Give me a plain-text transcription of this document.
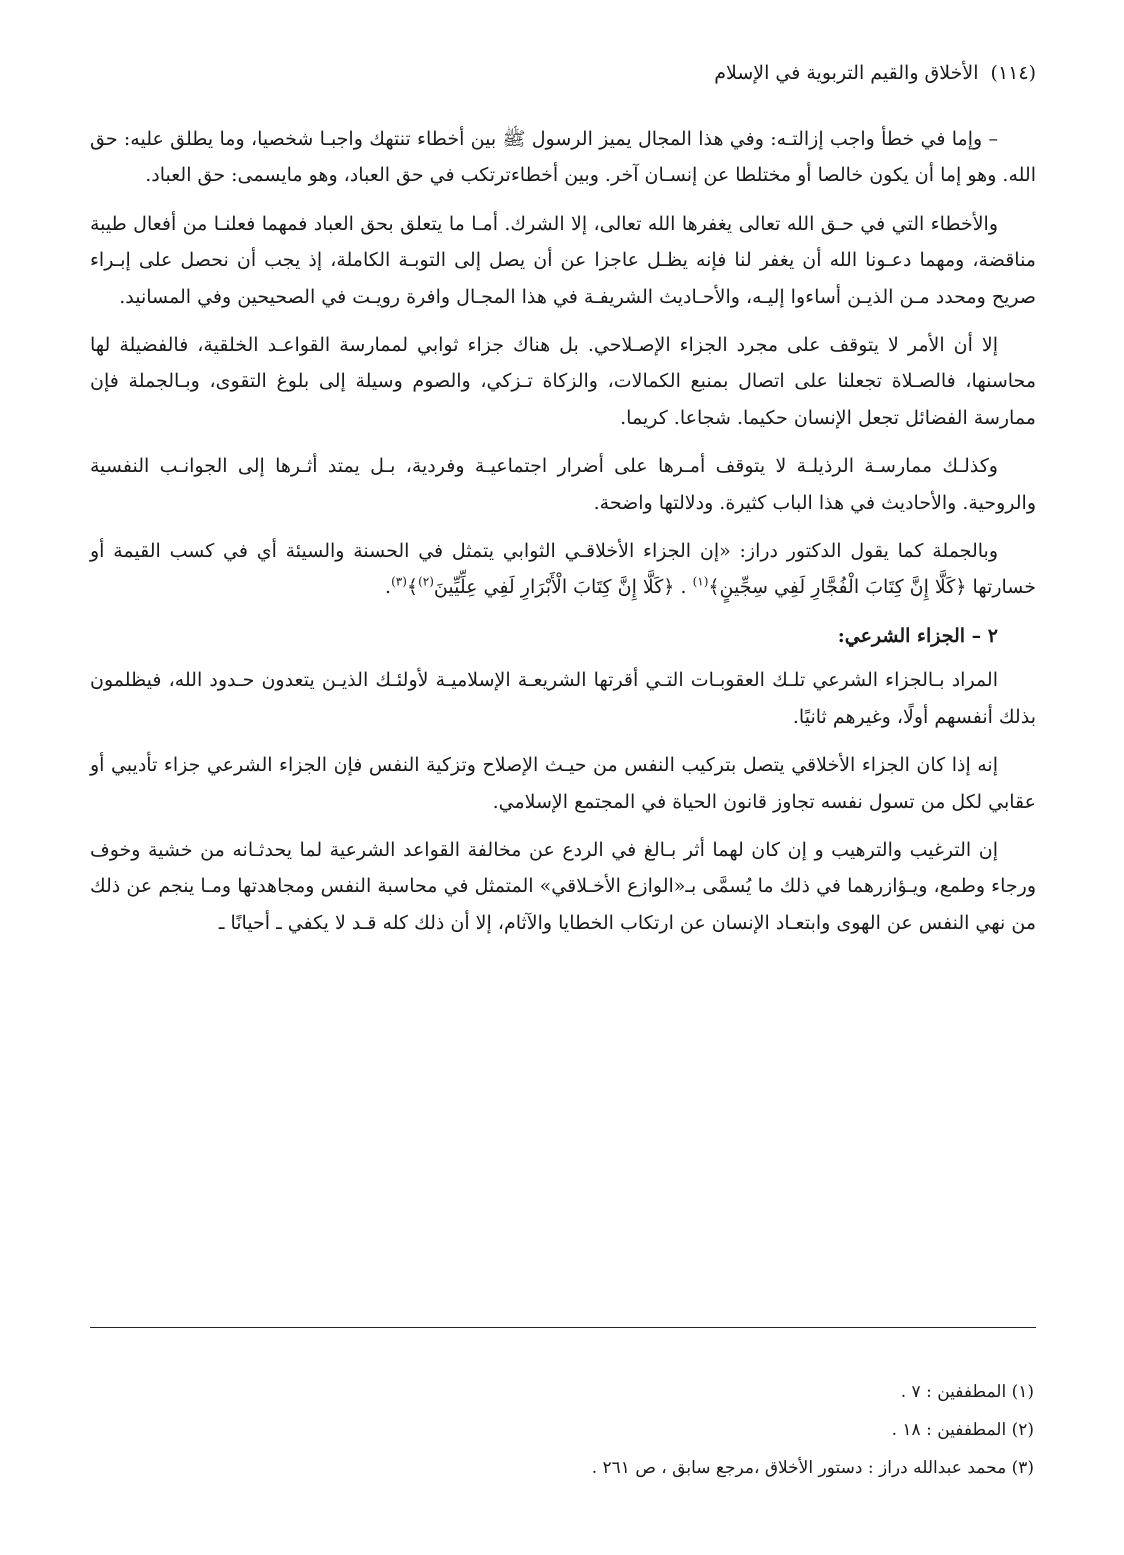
(١١٤) الأخلاق والقيم التربوية في الإسلام

– وإما في خطأ واجب إزالتـه: وفي هذا المجال يميز الرسول ﷺ بين أخطاء تنتهك واجبـا شخصيا، وما يطلق عليه: حق الله. وهو إما أن يكون خالصا أو مختلطا عن إنسـان آخر. وبين أخطاءترتكب في حق العباد، وهو مايسمى: حق العباد.

والأخطاء التي في حـق الله تعالى يغفرها الله تعالى، إلا الشرك. أمـا ما يتعلق بحق العباد فمهما فعلنـا من أفعال طيبة مناقضة، ومهما دعـونا الله أن يغفر لنا فإنه يظـل عاجزا عن أن يصل إلى التوبـة الكاملة، إذ يجب أن نحصل على إبـراء صريح ومحدد مـن الذيـن أساءوا إليـه، والأحـاديث الشريفـة في هذا المجـال وافرة رويـت في الصحيحين وفي المسانيد.

إلا أن الأمر لا يتوقف على مجرد الجزاء الإصـلاحي. بل هناك جزاء ثوابي لممارسة القواعـد الخلقية، فالفضيلة لها محاسنها، فالصـلاة تجعلنا على اتصال بمنبع الكمالات، والزكاة تـزكي، والصوم وسيلة إلى بلوغ التقوى، وبـالجملة فإن ممارسة الفضائل تجعل الإنسان حكيما. شجاعا. كريما.

وكذلـك ممارسـة الرذيلـة لا يتوقف أمـرها على أضرار اجتماعيـة وفردية، بـل يمتد أثـرها إلى الجوانـب النفسية والروحية. والأحاديث في هذا الباب كثيرة. ودلالتها واضحة.

وبالجملة كما يقول الدكتور دراز: «إن الجزاء الأخلاقـي الثوابي يتمثل في الحسنة والسيئة أي في كسب القيمة أو خسارتها ﴿كَلَّا إِنَّ كِتَابَ الْفُجَّارِ لَفِي سِجِّينٍ﴾$^{(١)}$ . ﴿كَلَّا إِنَّ كِتَابَ الْأَبْرَارِ لَفِي عِلِّيِّينَ$^{(٢)}$﴾$^{(٣)}$.

٢ – الجزاء الشرعي:

المراد بـالجزاء الشرعي تلـك العقوبـات التـي أقرتها الشريعـة الإسلاميـة لأولئـك الذيـن يتعدون حـدود الله، فيظلمون بذلك أنفسهم أولًا، وغيرهم ثانيًا.

إنه إذا كان الجزاء الأخلاقي يتصل بتركيب النفس من حيـث الإصلاح وتزكية النفس فإن الجزاء الشرعي جزاء تأديبي أو عقابي لكل من تسول نفسه تجاوز قانون الحياة في المجتمع الإسلامي.

إن الترغيب والترهيب و إن كان لهما أثر بـالغ في الردع عن مخالفة القواعد الشرعية لما يحدثـانه من خشية وخوف ورجاء وطمع، ويـؤازرهما في ذلك ما يُسمَّى بـ«الوازع الأخـلاقي» المتمثل في محاسبة النفس ومجاهدتها ومـا ينجم عن ذلك من نهي النفس عن الهوى وابتعـاد الإنسان عن ارتكاب الخطايا والآثام، إلا أن ذلك كله قـد لا يكفي ـ أحيانًا ـ

(١) المطففين : ٧ .

(٢) المطففين : ١٨ .

(٣) محمد عبدالله دراز : دستور الأخلاق ،مرجع سابق ، ص ٢٦١ .
